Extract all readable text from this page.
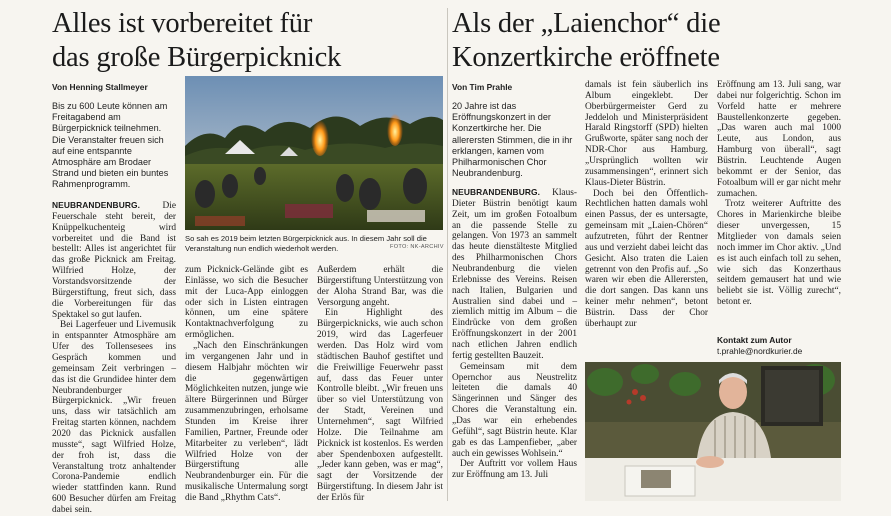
Alles ist vorbereitet für
das große Bürgerpicknick
Von Henning Stallmeyer
Bis zu 600 Leute können am Freitagabend am Bürgerpicknick teilnehmen. Die Veranstalter freuen sich auf eine entspannte Atmosphäre am Brodaer Strand und bieten ein buntes Rahmenprogramm.
So sah es 2019 beim letzten Bürgerpicknick aus. In diesem Jahr soll die Veranstaltung nun endlich wiederholt werden.	FOTO: NK-ARCHIV

NEUBRANDENBURG. Die Feuerschale steht bereit, der Knüppelkuchenteig wird vorbereitet und die Band ist bestellt: Alles ist angerichtet für das große Picknick am Freitag. Wilfried Holze, der Vorstandsvorsitzende der Bürgerstiftung, freut sich, dass die Vorbereitungen für das Spektakel so gut laufen.

Bei Lagerfeuer und Livemusik in entspannter Atmosphäre am Ufer des Tollensesees ins Gespräch kommen und gemeinsam Zeit verbringen – das ist die Grundidee hinter dem Neubrandenburger Bürgerpicknick. „Wir freuen uns, dass wir tatsächlich am Freitag starten können, nachdem 2020 das Picknick ausfallen musste“, sagt Wilfried Holze, der froh ist, dass die Veranstaltung trotz anhaltender Corona-Pandemie endlich wieder stattfinden kann. Rund 600 Besucher dürfen am Freitag dabei sein.

zum Picknick-Gelände gibt es Einlässe, wo sich die Besucher mit der Luca-App einloggen oder sich in Listen eintragen können, um eine spätere Kontaktnachverfolgung zu ermöglichen.

„Nach den Einschränkungen im vergangenen Jahr und in diesem Halbjahr möchten wir die gegenwärtigen Möglichkeiten nutzen, junge wie ältere Bürgerinnen und Bürger zusammenzubringen, erholsame Stunden im Kreise ihrer Familien, Partner, Freunde oder Mitarbeiter zu verleben“, lädt Wilfried Holze von der Bürgerstiftung alle Neubrandenburger ein. Für die musikalische Untermalung sorgt die Band „Rhythm Cats“.

Außerdem erhält die Bürgerstiftung Unterstützung von der Aloha Strand Bar, was die Versorgung angeht.

Ein Highlight des Bürgerpicknicks, wie auch schon 2019, wird das Lagerfeuer werden. Das Holz wird vom städtischen Bauhof gestiftet und die Freiwillige Feuerwehr passt auf, dass das Feuer unter Kontrolle bleibt. „Wir freuen uns über so viel Unterstützung von der Stadt, Vereinen und Unternehmen“, sagt Wilfried Holze. Die Teilnahme am Picknick ist kostenlos. Es werden aber Spendenboxen aufgestellt. „Jeder kann geben, was er mag“, sagt der Vorsitzende der Bürgerstiftung. In diesem Jahr ist der Erlös für

Als der „Laienchor“ die
Konzertkirche eröffnete
Von Tim Prahle
20 Jahre ist das Eröffnungskonzert in der Konzertkirche her. Die allerersten Stimmen, die in ihr erklangen, kamen vom Philharmonischen Chor Neubrandenburg.

NEUBRANDENBURG. Klaus-Dieter Büstrin benötigt kaum Zeit, um im großen Fotoalbum an die passende Stelle zu gelangen. Von 1973 an sammelt das heute dienstälteste Mitglied des Philharmonischen Chors Neubrandenburg die vielen Erlebnisse des Vereins. Reisen nach Italien, Bulgarien und Australien sind dabei und – ziemlich mittig im Album – die Eindrücke von dem großen Eröffnungskonzert in der 2001 nach etlichen Jahren endlich fertig gestellten Bauzeit.

Gemeinsam mit dem Opernchor aus Neustrelitz leiteten die damals 40 Sängerinnen und Sänger des Chores die Veranstaltung ein. „Das war ein erhebendes Gefühl“, sagt Büstrin heute. Klar gab es das Lampenfieber, „aber auch ein gewisses Wohlsein.“

Der Auftritt vor vollem Haus zur Eröffnung am 13. Juli

damals ist fein säuberlich ins Album eingeklebt. Der Oberbürgermeister Gerd zu Jeddeloh und Ministerpräsident Harald Ringstorff (SPD) hielten Grußworte, später sang noch der NDR-Chor aus Hamburg. „Ursprünglich wollten wir zusammensingen“, erinnert sich Klaus-Dieter Büstrin.

Doch bei den Öffentlich-Rechtlichen hatten damals wohl einen Passus, der es untersagte, gemeinsam mit „Laien-Chören“ aufzutreten, führt der Rentner aus und verzieht dabei leicht das Gesicht. Also traten die Laien getrennt von den Profis auf. „So waren wir eben die Allerersten, die dort sangen. Das kann uns keiner mehr nehmen“, betont Büstrin. Dass der Chor überhaupt zur

Eröffnung am 13. Juli sang, war dabei nur folgerichtig. Schon im Vorfeld hatte er mehrere Baustellenkonzerte gegeben. „Das waren auch mal 1000 Leute, aus London, aus Hamburg von überall“, sagt Büstrin. Leuchtende Augen bekommt er der Senior, das Fotoalbum will er gar nicht mehr zumachen.

Trotz weiterer Auftritte des Chores in Marienkirche bleibe dieser unvergessen, 15 Mitglieder von damals seien noch immer im Chor aktiv. „Und es ist auch einfach toll zu sehen, wie sich das Konzerthaus seitdem gemausert hat und wie beliebt sie ist. Völlig zurecht“, betont er.

Kontakt zum Autor
t.prahle@nordkurier.de
